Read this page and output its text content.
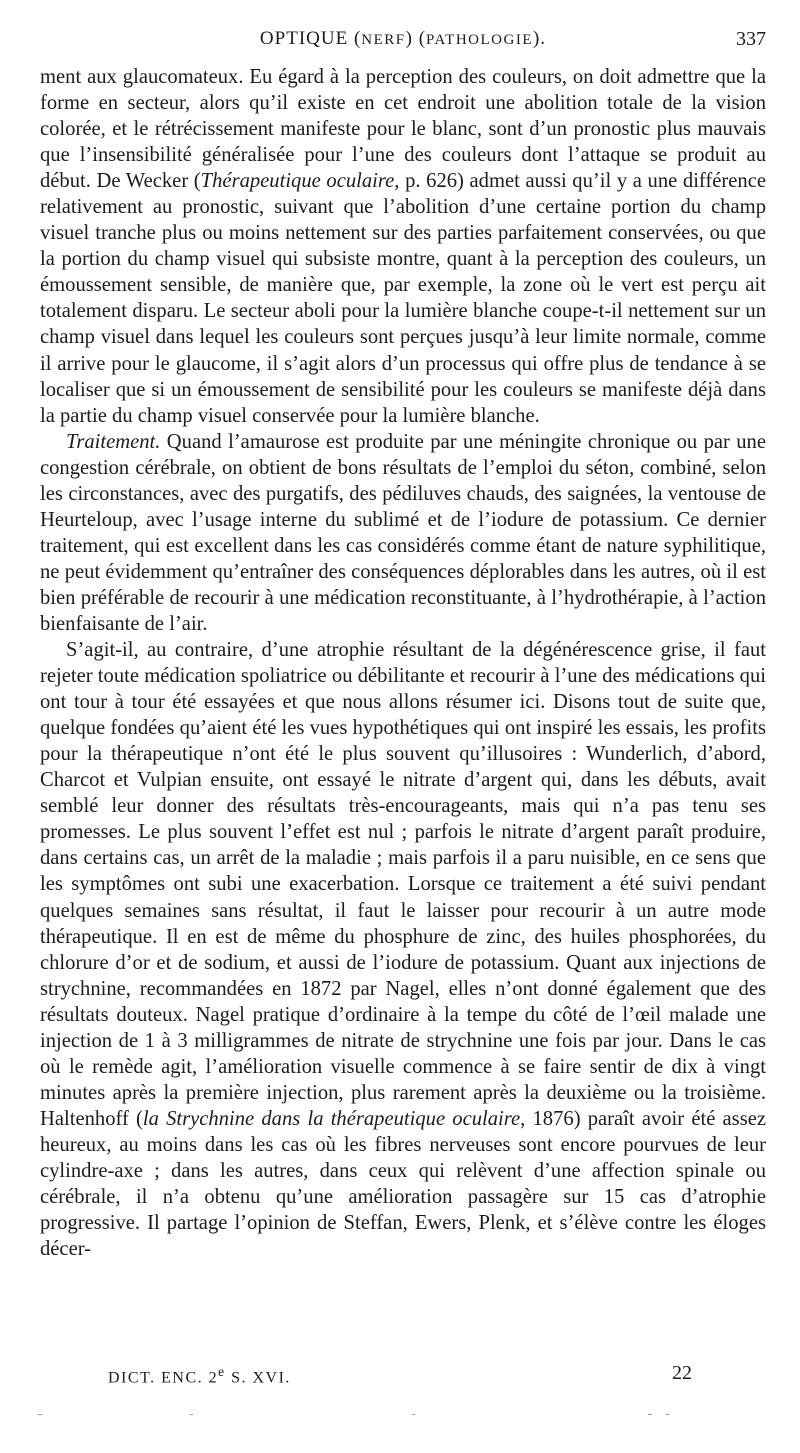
OPTIQUE (NERF) (PATHOLOGIE).	337

ment aux glaucomateux. Eu égard à la perception des couleurs, on doit admettre que la forme en secteur, alors qu’il existe en cet endroit une abolition totale de la vision colorée, et le rétrécissement manifeste pour le blanc, sont d’un pronostic plus mauvais que l’insensibilité généralisée pour l’une des couleurs dont l’attaque se produit au début. De Wecker (Thérapeutique oculaire, p. 626) admet aussi qu’il y a une différence relativement au pronostic, suivant que l’abolition d’une certaine portion du champ visuel tranche plus ou moins nettement sur des parties parfaitement conservées, ou que la portion du champ visuel qui subsiste montre, quant à la perception des couleurs, un émoussement sensible, de manière que, par exemple, la zone où le vert est perçu ait totalement disparu. Le secteur aboli pour la lumière blanche coupe-t-il nettement sur un champ visuel dans lequel les couleurs sont perçues jusqu’à leur limite normale, comme il arrive pour le glaucome, il s’agit alors d’un processus qui offre plus de tendance à se localiser que si un émoussement de sensibilité pour les couleurs se manifeste déjà dans la partie du champ visuel conservée pour la lumière blanche.

Traitement. Quand l’amaurose est produite par une méningite chronique ou par une congestion cérébrale, on obtient de bons résultats de l’emploi du séton, combiné, selon les circonstances, avec des purgatifs, des pédiluves chauds, des saignées, la ventouse de Heurteloup, avec l’usage interne du sublimé et de l’iodure de potassium. Ce dernier traitement, qui est excellent dans les cas considérés comme étant de nature syphilitique, ne peut évidemment qu’entraîner des conséquences déplorables dans les autres, où il est bien préférable de recourir à une médication reconstituante, à l’hydrothérapie, à l’action bienfaisante de l’air.

S’agit-il, au contraire, d’une atrophie résultant de la dégénérescence grise, il faut rejeter toute médication spoliatrice ou débilitante et recourir à l’une des médications qui ont tour à tour été essayées et que nous allons résumer ici. Disons tout de suite que, quelque fondées qu’aient été les vues hypothétiques qui ont inspiré les essais, les profits pour la thérapeutique n’ont été le plus souvent qu’illusoires : Wunderlich, d’abord, Charcot et Vulpian ensuite, ont essayé le nitrate d’argent qui, dans les débuts, avait semblé leur donner des résultats très-encourageants, mais qui n’a pas tenu ses promesses. Le plus souvent l’effet est nul ; parfois le nitrate d’argent paraît produire, dans certains cas, un arrêt de la maladie ; mais parfois il a paru nuisible, en ce sens que les symptômes ont subi une exacerbation. Lorsque ce traitement a été suivi pendant quelques semaines sans résultat, il faut le laisser pour recourir à un autre mode thérapeutique. Il en est de même du phosphure de zinc, des huiles phosphorées, du chlorure d’or et de sodium, et aussi de l’iodure de potassium. Quant aux injections de strychnine, recommandées en 1872 par Nagel, elles n’ont donné également que des résultats douteux. Nagel pratique d’ordinaire à la tempe du côté de l’œil malade une injection de 1 à 3 milligrammes de nitrate de strychnine une fois par jour. Dans le cas où le remède agit, l’amélioration visuelle commence à se faire sentir de dix à vingt minutes après la première injection, plus rarement après la deuxième ou la troisième. Haltenhoff (la Strychnine dans la thérapeutique oculaire, 1876) paraît avoir été assez heureux, au moins dans les cas où les fibres nerveuses sont encore pourvues de leur cylindre-axe ; dans les autres, dans ceux qui relèvent d’une affection spinale ou cérébrale, il n’a obtenu qu’une amélioration passagère sur 15 cas d’atrophie progressive. Il partage l’opinion de Steffan, Ewers, Plenk, et s’élève contre les éloges décer-

DICT. ENC. 2e S. XVI.	22
